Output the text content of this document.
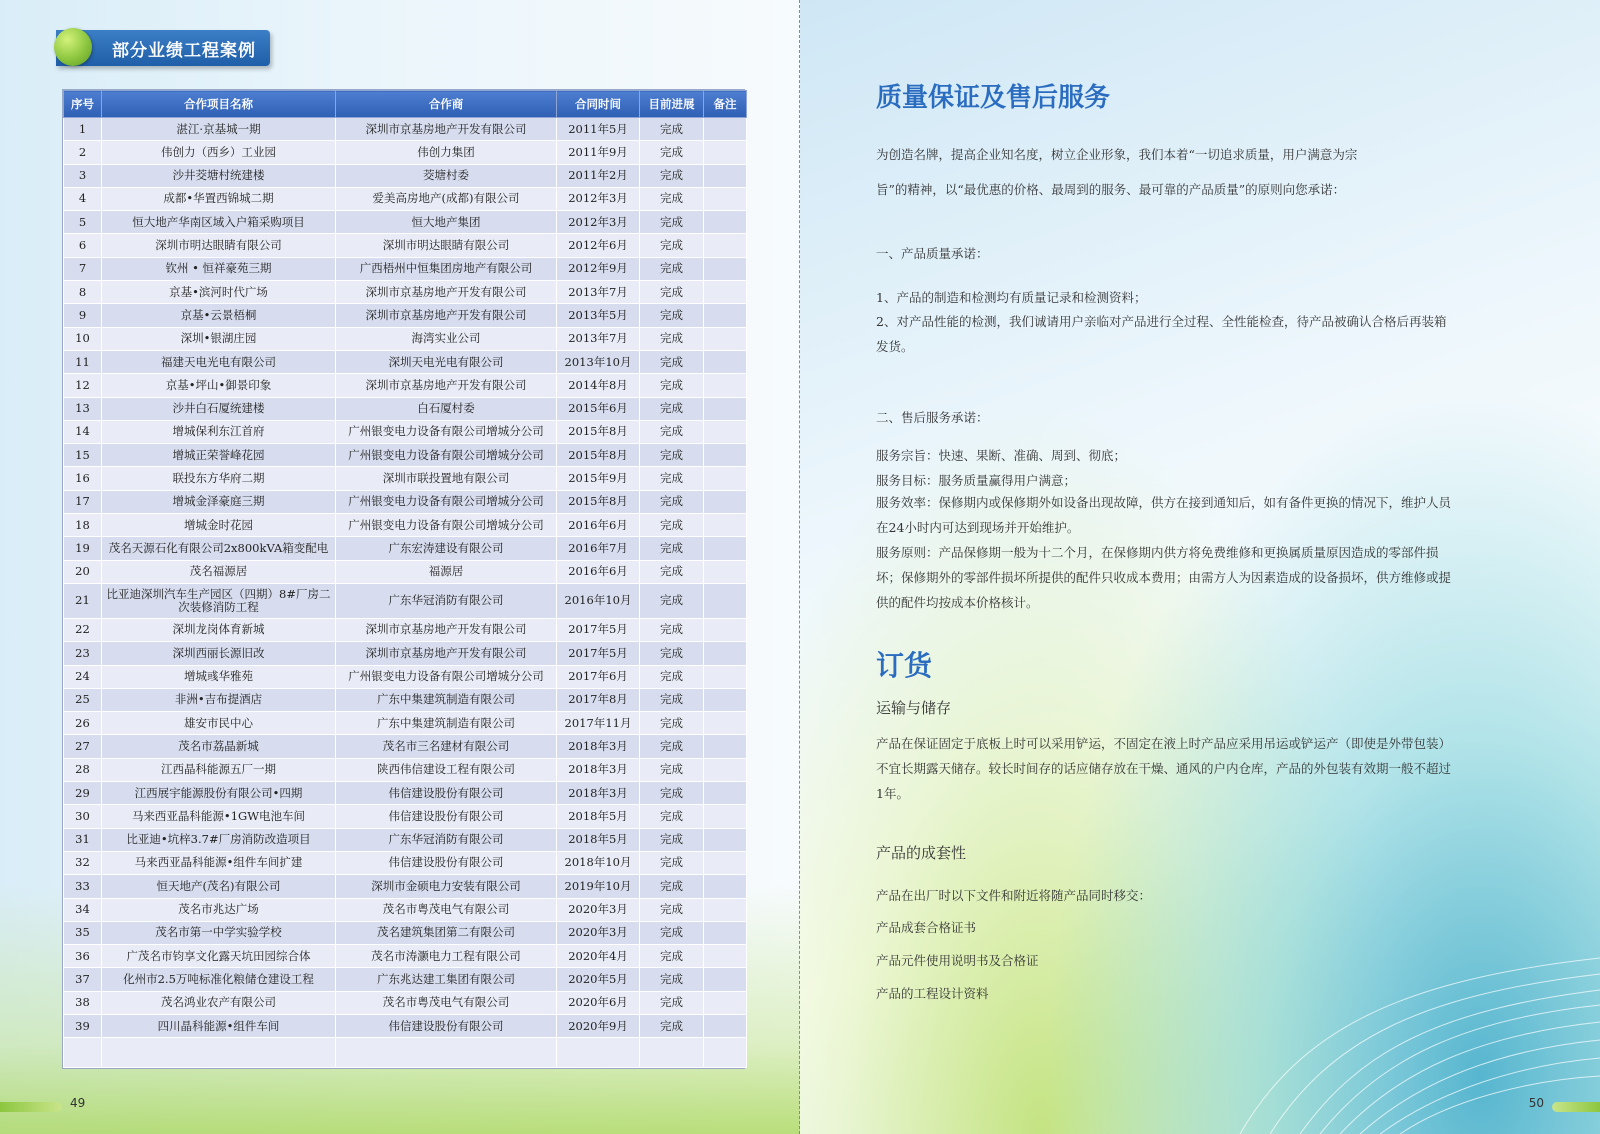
部分业绩工程案例
序号	合作项目名称	合作商	合同时间	目前进展	备注
1	湛江·京基城一期	深圳市京基房地产开发有限公司	2011年5月	完成	
2	伟创力（西乡）工业园	伟创力集团	2011年9月	完成	
3	沙井茭塘村统建楼	茭塘村委	2011年2月	完成	
4	成都•华置西锦城二期	爱美高房地产(成都)有限公司	2012年3月	完成	
5	恒大地产华南区域入户箱采购项目	恒大地产集团	2012年3月	完成	
6	深圳市明达眼睛有限公司	深圳市明达眼睛有限公司	2012年6月	完成	
7	钦州 • 恒祥豪苑三期	广西梧州中恒集团房地产有限公司	2012年9月	完成	
8	京基•滨河时代广场	深圳市京基房地产开发有限公司	2013年7月	完成	
9	京基•云景梧桐	深圳市京基房地产开发有限公司	2013年5月	完成	
10	深圳•银湖庄园	海湾实业公司	2013年7月	完成	
11	福建天电光电有限公司	深圳天电光电有限公司	2013年10月	完成	
12	京基•坪山•御景印象	深圳市京基房地产开发有限公司	2014年8月	完成	
13	沙井白石厦统建楼	白石厦村委	2015年6月	完成	
14	增城保利东江首府	广州银变电力设备有限公司增城分公司	2015年8月	完成	
15	增城正荣誉峰花园	广州银变电力设备有限公司增城分公司	2015年8月	完成	
16	联投东方华府二期	深圳市联投置地有限公司	2015年9月	完成	
17	增城金泽豪庭三期	广州银变电力设备有限公司增城分公司	2015年8月	完成	
18	增城金时花园	广州银变电力设备有限公司增城分公司	2016年6月	完成	
19	茂名天源石化有限公司2x800kVA箱变配电	广东宏涛建设有限公司	2016年7月	完成	
20	茂名福源居	福源居	2016年6月	完成	
21	比亚迪深圳汽车生产园区（四期）8#厂房二次装修消防工程	广东华冠消防有限公司	2016年10月	完成	
22	深圳龙岗体育新城	深圳市京基房地产开发有限公司	2017年5月	完成	
23	深圳西丽长源旧改	深圳市京基房地产开发有限公司	2017年5月	完成	
24	增城彧华雅苑	广州银变电力设备有限公司增城分公司	2017年6月	完成	
25	非洲•吉布提酒店	广东中集建筑制造有限公司	2017年8月	完成	
26	雄安市民中心	广东中集建筑制造有限公司	2017年11月	完成	
27	茂名市荔晶新城	茂名市三名建材有限公司	2018年3月	完成	
28	江西晶科能源五厂一期	陕西伟信建设工程有限公司	2018年3月	完成	
29	江西展宇能源股份有限公司•四期	伟信建设股份有限公司	2018年3月	完成	
30	马来西亚晶科能源•1GW电池车间	伟信建设股份有限公司	2018年5月	完成	
31	比亚迪•坑梓3.7#厂房消防改造项目	广东华冠消防有限公司	2018年5月	完成	
32	马来西亚晶科能源•组件车间扩建	伟信建设股份有限公司	2018年10月	完成	
33	恒天地产(茂名)有限公司	深圳市金硕电力安装有限公司	2019年10月	完成	
34	茂名市兆达广场	茂名市粤茂电气有限公司	2020年3月	完成	
35	茂名市第一中学实验学校	茂名建筑集团第二有限公司	2020年3月	完成	
36	广茂名市钧享文化露天坑田园综合体	茂名市涛灏电力工程有限公司	2020年4月	完成	
37	化州市2.5万吨标准化粮储仓建设工程	广东兆达建工集团有限公司	2020年5月	完成	
38	茂名鸿业农产有限公司	茂名市粤茂电气有限公司	2020年6月	完成	
39	四川晶科能源•组件车间	伟信建设股份有限公司	2020年9月	完成	

49
质量保证及售后服务
为创造名牌，提高企业知名度，树立企业形象，我们本着“一切追求质量，用户满意为宗
旨”的精神，以“最优惠的价格、最周到的服务、最可靠的产品质量”的原则向您承诺：
一、产品质量承诺：
1、产品的制造和检测均有质量记录和检测资料；
2、对产品性能的检测，我们诚请用户亲临对产品进行全过程、全性能检查，待产品被确认合格后再装箱发货。
二、售后服务承诺：
服务宗旨：快速、果断、准确、周到、彻底；
服务目标：服务质量赢得用户满意；
服务效率：保修期内或保修期外如设备出现故障，供方在接到通知后，如有备件更换的情况下，维护人员在24小时内可达到现场并开始维护。
服务原则：产品保修期一般为十二个月，在保修期内供方将免费维修和更换属质量原因造成的零部件损坏；保修期外的零部件损坏所提供的配件只收成本费用；由需方人为因素造成的设备损坏，供方维修或提供的配件均按成本价格核计。
订货
运输与储存
产品在保证固定于底板上时可以采用铲运，不固定在液上时产品应采用吊运或铲运产（即使是外带包装）不宜长期露天储存。较长时间存的话应储存放在干燥、通风的户内仓库，产品的外包装有效期一般不超过1年。
产品的成套性
产品在出厂时以下文件和附近将随产品同时移交：
产品成套合格证书
产品元件使用说明书及合格证
产品的工程设计资料
50
